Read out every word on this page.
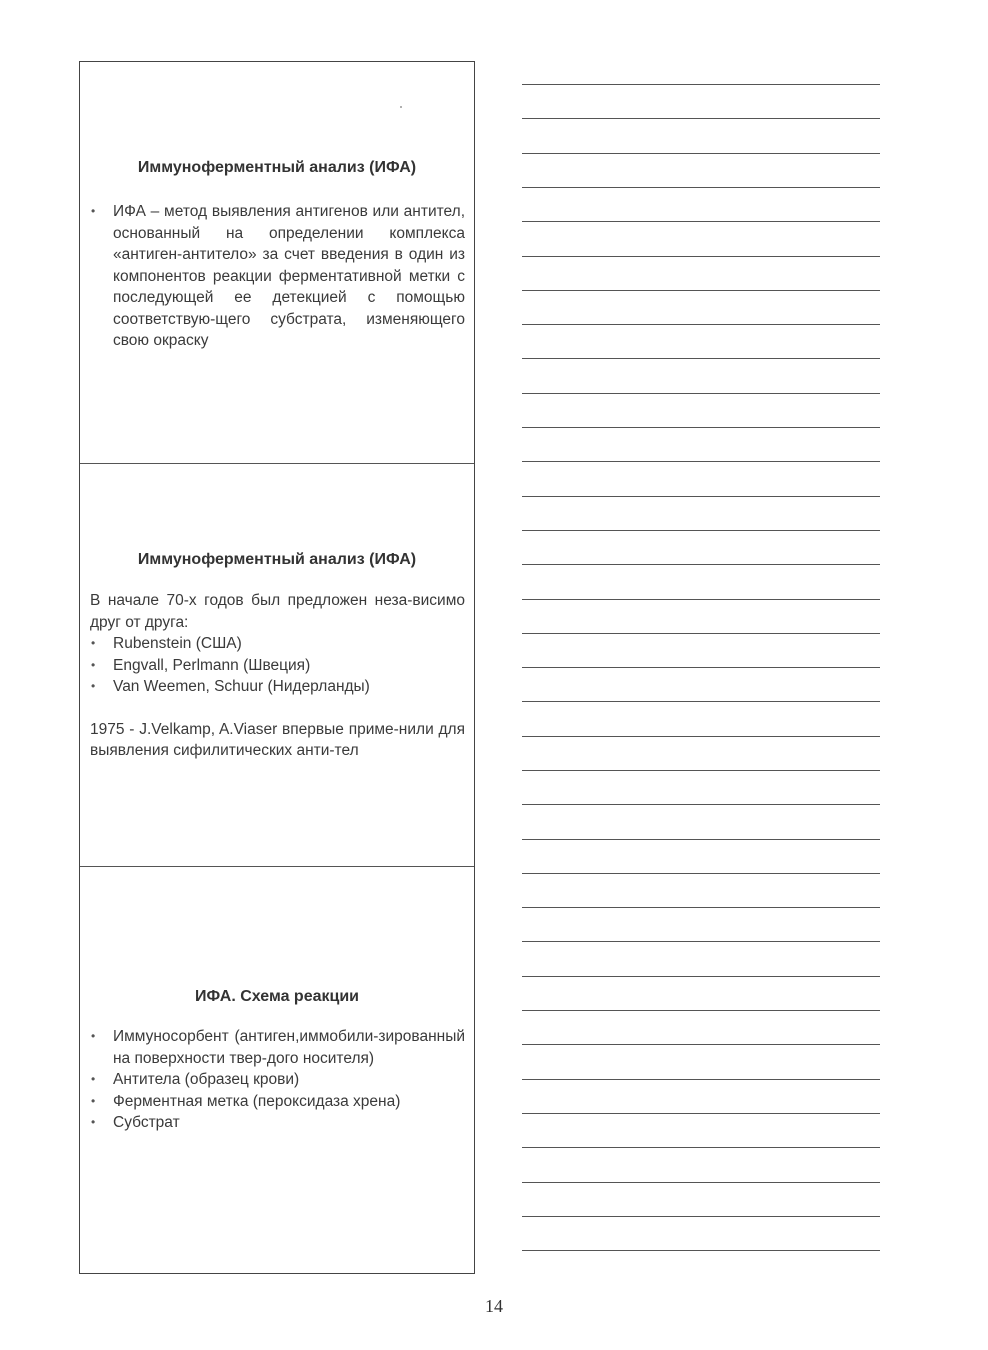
Иммуноферментный анализ (ИФА)
• ИФА – метод выявления антигенов или антител, основанный на определении комплекса «антиген-антитело» за счет введения в один из компонентов реакции ферментативной метки с последующей ее детекцией с помощью соответствую-щего субстрата, изменяющего свою окраску
Иммуноферментный анализ (ИФА)

В начале 70-х годов был предложен неза-висимо друг от друга:

• Rubenstein (США)
• Engvall, Perlmann (Швеция)
• Van Weemen, Schuur (Нидерланды)

1975 - J.Velkamp, A.Viaser впервые приме-нили для выявления сифилитических анти-тел

ИФА. Схема реакции
• Иммуносорбент (антиген,иммобили-зированный на поверхности твер-дого носителя)
• Антитела (образец крови)
• Ферментная метка (пероксидаза хрена)
• Субстрат
14
